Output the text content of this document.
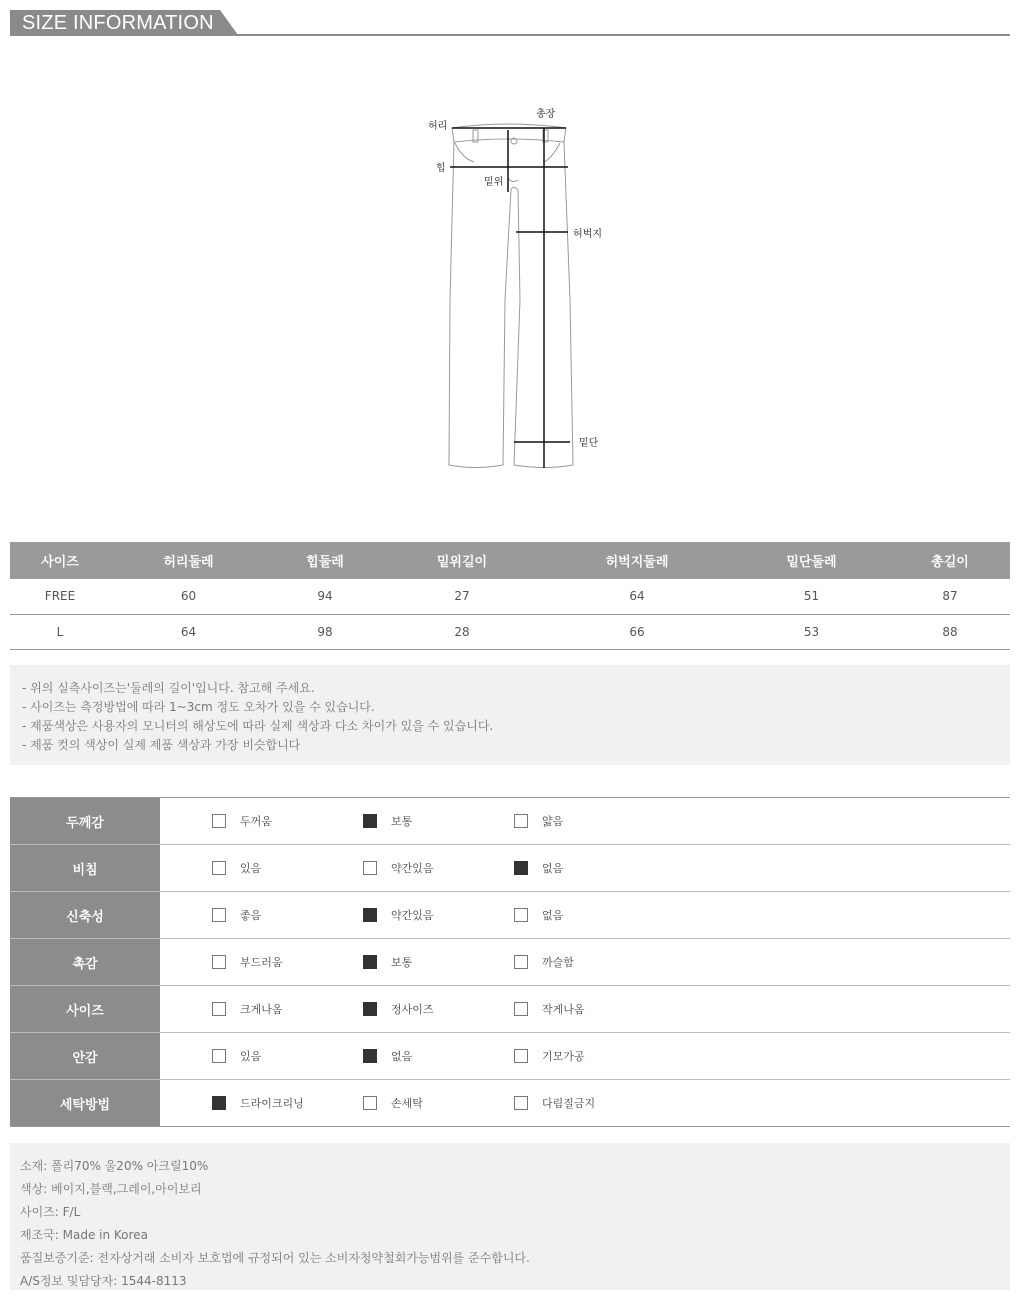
SIZE INFORMATION
허리
총장
힙
밑위
허벅지
밑단
사이즈	허리둘레	힙둘레	밑위길이	허벅지둘레	밑단둘레	총길이
FREE	60	94	27	64	51	87
L	64	98	28	66	53	88
- 위의 실측사이즈는'둘레의 길이'입니다. 참고해 주세요.
- 사이즈는 측정방법에 따라 1~3cm 정도 오차가 있을 수 있습니다.
- 제품색상은 사용자의 모니터의 해상도에 따라 실제 색상과 다소 차이가 있을 수 있습니다.
- 제품 컷의 색상이 실제 제품 색상과 가장 비슷합니다
두께감	두꺼움	보통	얇음
비침	있음	약간있음	없음
신축성	좋음	약간있음	없음
촉감	부드러움	보통	까슬함
사이즈	크게나옴	정사이즈	작게나옴
안감	있음	없음	기모가공
세탁방법	드라이크리닝	손세탁	다림질금지
소재: 폴리70% 울20% 아크릴10%
색상: 베이지,블랙,그레이,아이보리
사이즈: F/L
제조국: Made in Korea
품질보증기준: 전자상거래 소비자 보호법에 규정되어 있는 소비자청약철회가능범위를 준수합니다.
A/S정보 및담당자: 1544-8113
